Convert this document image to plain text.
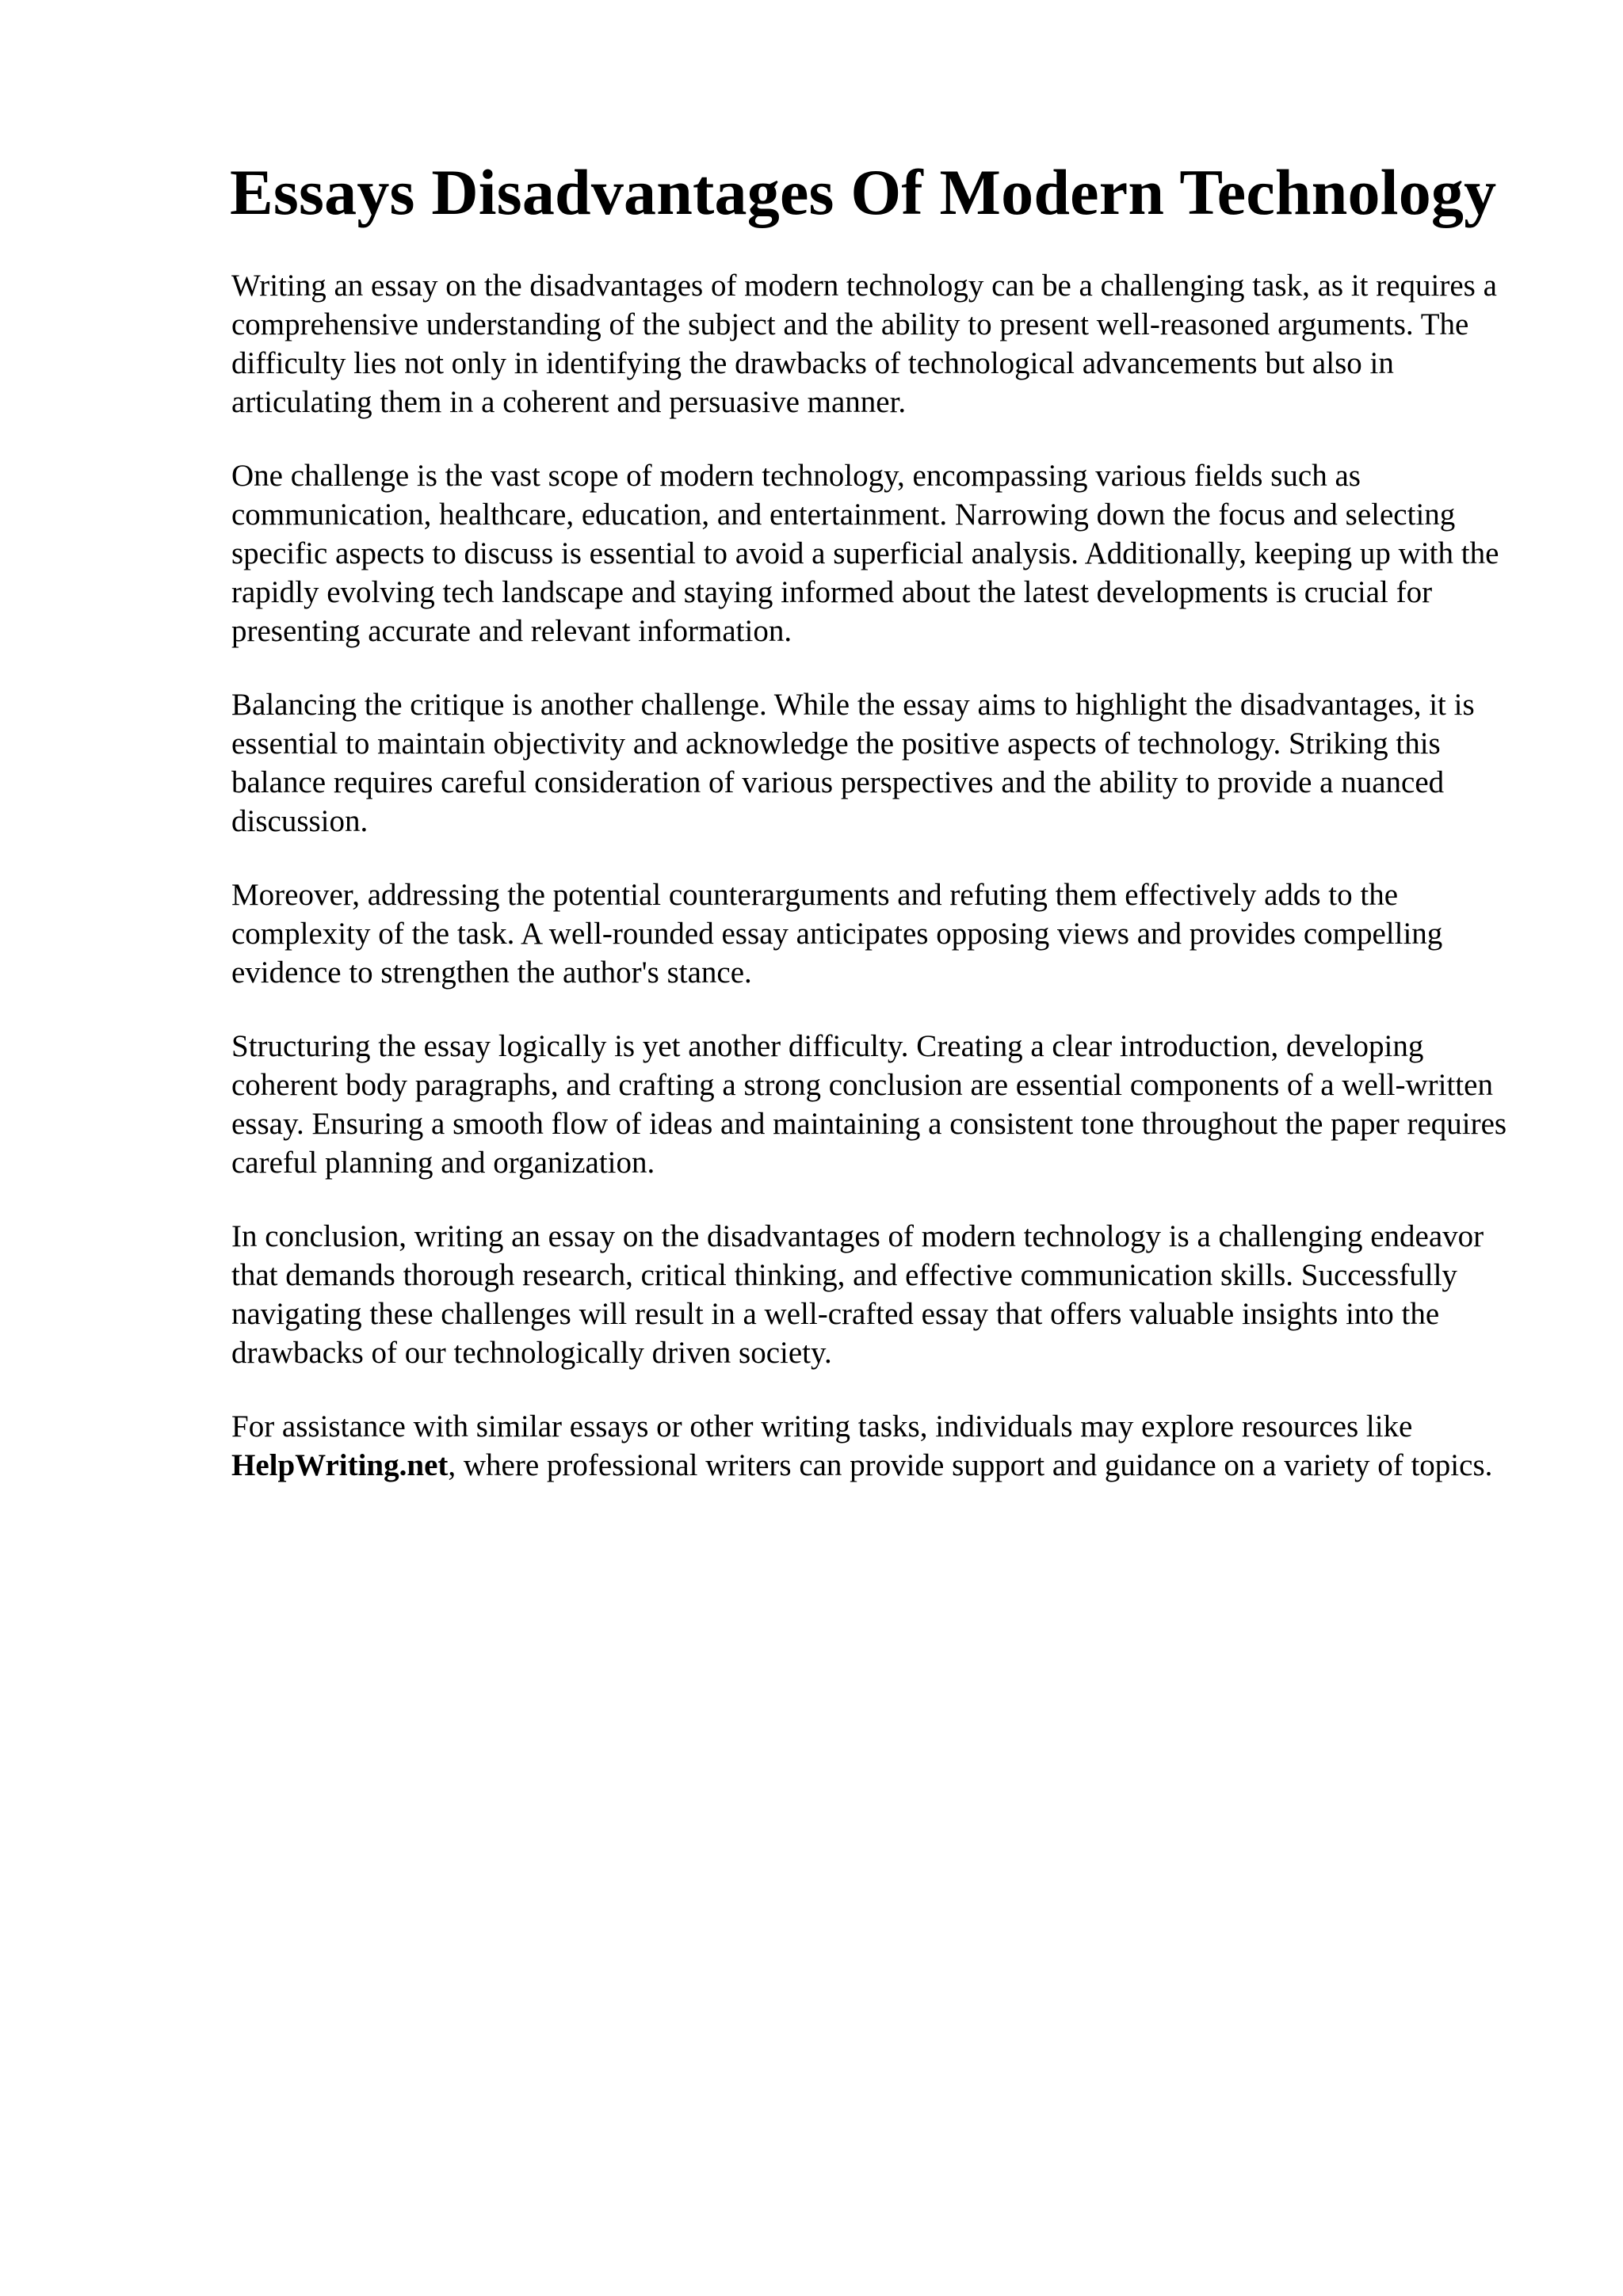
Essays Disadvantages Of Modern Technology

Writing an essay on the disadvantages of modern technology can be a challenging task, as it requires a comprehensive understanding of the subject and the ability to present well-reasoned arguments. The difficulty lies not only in identifying the drawbacks of technological advancements but also in articulating them in a coherent and persuasive manner.

One challenge is the vast scope of modern technology, encompassing various fields such as communication, healthcare, education, and entertainment. Narrowing down the focus and selecting specific aspects to discuss is essential to avoid a superficial analysis. Additionally, keeping up with the rapidly evolving tech landscape and staying informed about the latest developments is crucial for presenting accurate and relevant information.

Balancing the critique is another challenge. While the essay aims to highlight the disadvantages, it is essential to maintain objectivity and acknowledge the positive aspects of technology. Striking this balance requires careful consideration of various perspectives and the ability to provide a nuanced discussion.

Moreover, addressing the potential counterarguments and refuting them effectively adds to the complexity of the task. A well-rounded essay anticipates opposing views and provides compelling evidence to strengthen the author's stance.

Structuring the essay logically is yet another difficulty. Creating a clear introduction, developing coherent body paragraphs, and crafting a strong conclusion are essential components of a well-written essay. Ensuring a smooth flow of ideas and maintaining a consistent tone throughout the paper requires careful planning and organization.

In conclusion, writing an essay on the disadvantages of modern technology is a challenging endeavor that demands thorough research, critical thinking, and effective communication skills. Successfully navigating these challenges will result in a well-crafted essay that offers valuable insights into the drawbacks of our technologically driven society.

For assistance with similar essays or other writing tasks, individuals may explore resources like HelpWriting.net, where professional writers can provide support and guidance on a variety of topics.
